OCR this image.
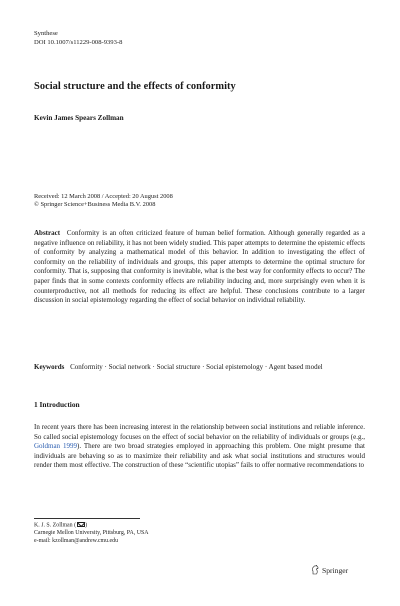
Synthese
DOI 10.1007/s11229-008-9393-8
Social structure and the effects of conformity
Kevin James Spears Zollman
Received: 12 March 2008 / Accepted: 20 August 2008
© Springer Science+Business Media B.V. 2008
Abstract Conformity is an often criticized feature of human belief formation. Although generally regarded as a negative influence on reliability, it has not been widely studied. This paper attempts to determine the epistemic effects of conformity by analyzing a mathematical model of this behavior. In addition to investigating the effect of conformity on the reliability of individuals and groups, this paper attempts to determine the optimal structure for conformity. That is, supposing that conformity is inevitable, what is the best way for conformity effects to occur? The paper finds that in some contexts conformity effects are reliability inducing and, more surprisingly even when it is counterproductive, not all methods for reducing its effect are helpful. These conclusions contribute to a larger discussion in social epistemology regarding the effect of social behavior on individual reliability.
Keywords Conformity · Social network · Social structure · Social epistemology · Agent based model
1 Introduction
In recent years there has been increasing interest in the relationship between social institutions and reliable inference. So called social epistemology focuses on the effect of social behavior on the reliability of individuals or groups (e.g., Goldman 1999). There are two broad strategies employed in approaching this problem. One might presume that individuals are behaving so as to maximize their reliability and ask what social institutions and structures would render them most effective. The construction of these “scientific utopias” fails to offer normative recommendations to
K. J. S. Zollman ( )
Carnegie Mellon University, Pittsburg, PA, USA
e-mail: kzollman@andrew.cmu.edu
Springer
